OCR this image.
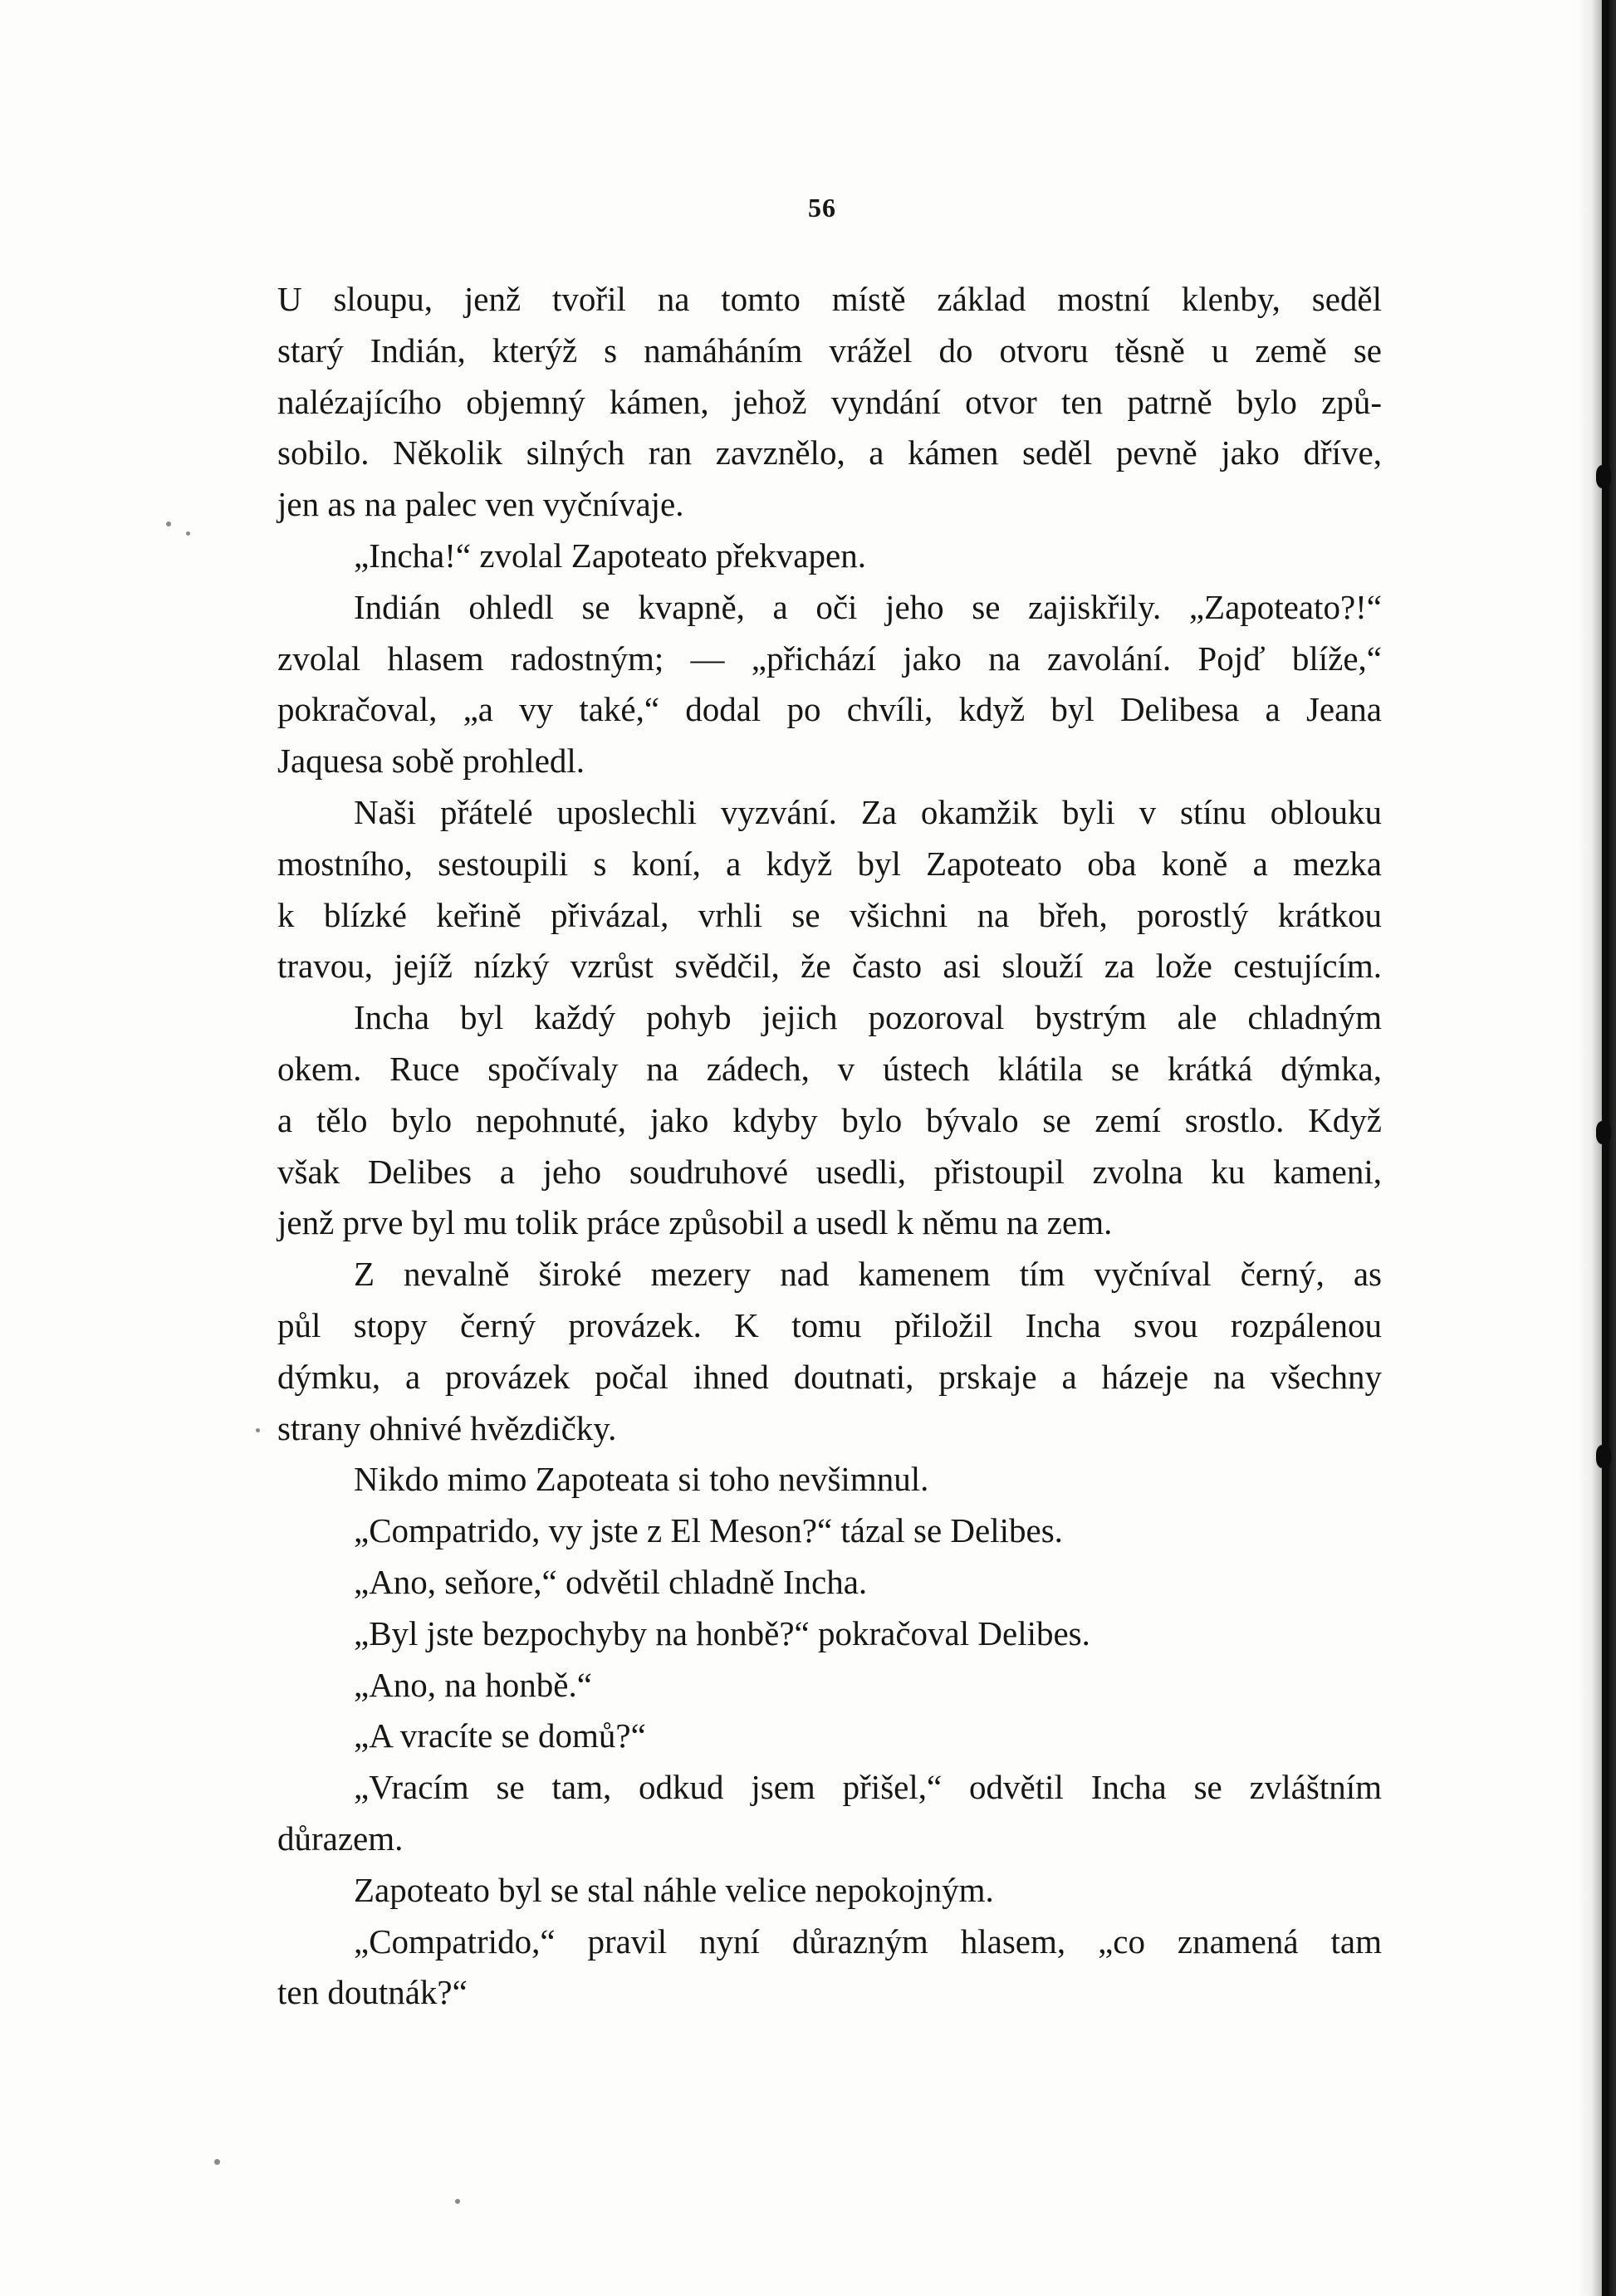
56
U sloupu, jenž tvořil na tomto místě základ mostní klenby, seděl
starý Indián, kterýž s namáháním vrážel do otvoru těsně u země se
nalézajícího objemný kámen, jehož vyndání otvor ten patrně bylo způ-
sobilo. Několik silných ran zavznělo, a kámen seděl pevně jako dříve,
jen as na palec ven vyčnívaje.
„Incha!“ zvolal Zapoteato překvapen.
Indián ohledl se kvapně, a oči jeho se zajiskřily. „Zapoteato?!“
zvolal hlasem radostným; — „přichází jako na zavolání. Pojď blíže,“
pokračoval, „a vy také,“ dodal po chvíli, když byl Delibesa a Jeana
Jaquesa sobě prohledl.
Naši přátelé uposlechli vyzvání. Za okamžik byli v stínu oblouku
mostního, sestoupili s koní, a když byl Zapoteato oba koně a mezka
k blízké keřině přivázal, vrhli se všichni na břeh, porostlý krátkou
travou, jejíž nízký vzrůst svědčil, že často asi slouží za lože cestujícím.
Incha byl každý pohyb jejich pozoroval bystrým ale chladným
okem. Ruce spočívaly na zádech, v ústech klátila se krátká dýmka,
a tělo bylo nepohnuté, jako kdyby bylo bývalo se zemí srostlo. Když
však Delibes a jeho soudruhové usedli, přistoupil zvolna ku kameni,
jenž prve byl mu tolik práce způsobil a usedl k němu na zem.
Z nevalně široké mezery nad kamenem tím vyčníval černý, as
půl stopy černý provázek. K tomu přiložil Incha svou rozpálenou
dýmku, a provázek počal ihned doutnati, prskaje a házeje na všechny
strany ohnivé hvězdičky.
Nikdo mimo Zapoteata si toho nevšimnul.
„Compatrido, vy jste z El Meson?“ tázal se Delibes.
„Ano, seňore,“ odvětil chladně Incha.
„Byl jste bezpochyby na honbě?“ pokračoval Delibes.
„Ano, na honbě.“
„A vracíte se domů?“
„Vracím se tam, odkud jsem přišel,“ odvětil Incha se zvláštním
důrazem.
Zapoteato byl se stal náhle velice nepokojným.
„Compatrido,“ pravil nyní důrazným hlasem, „co znamená tam
ten doutnák?“
